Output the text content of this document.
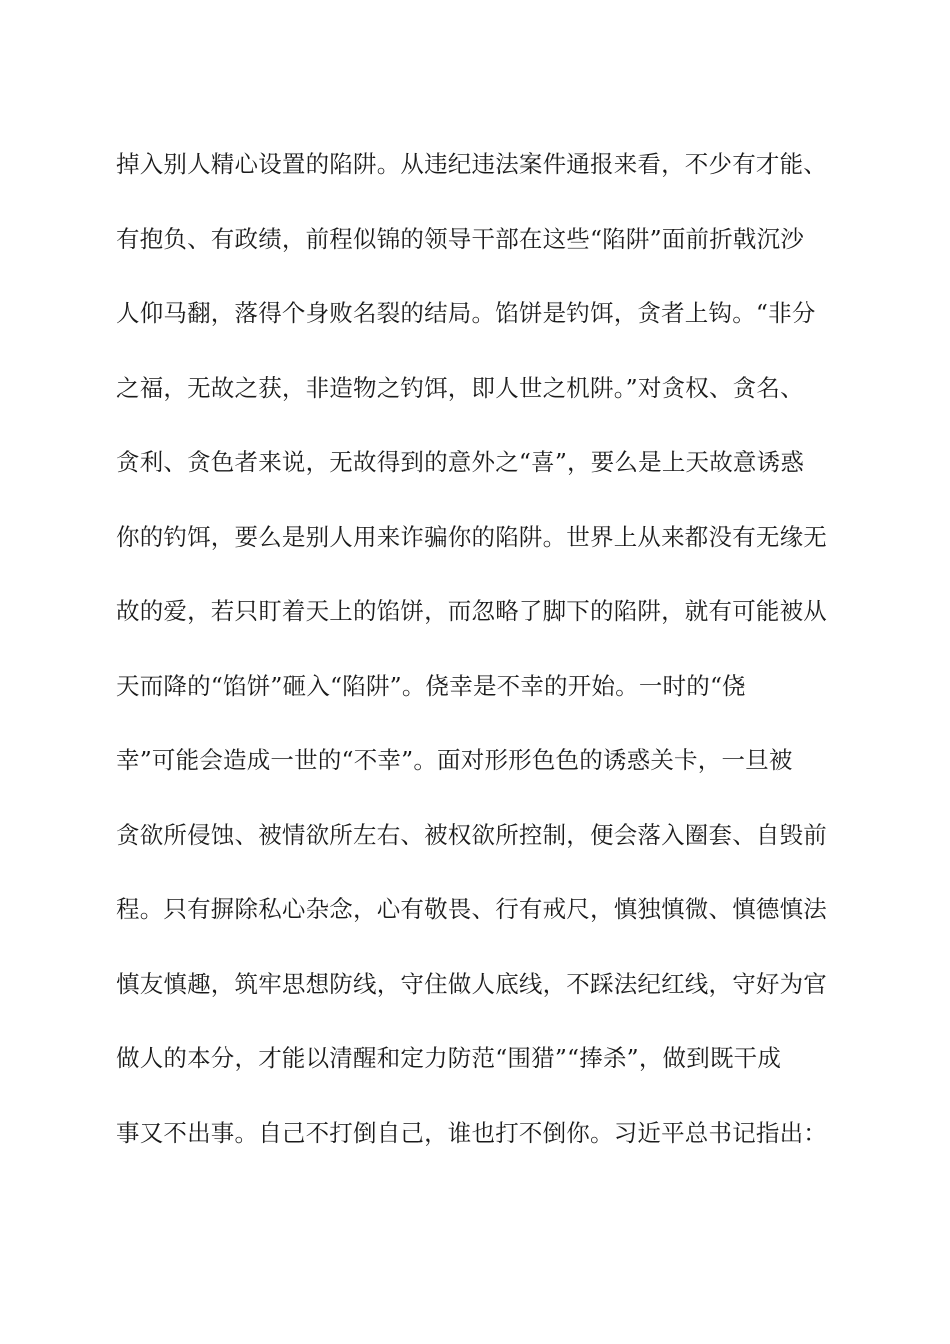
掉入别人精心设置的陷阱。从违纪违法案件通报来看，不少有才能、
有抱负、有政绩，前程似锦的领导干部在这些“陷阱”面前折戟沉沙
人仰马翻，落得个身败名裂的结局。馅饼是钓饵，贪者上钩。“非分
之福，无故之获，非造物之钓饵，即人世之机阱。”对贪权、贪名、
贪利、贪色者来说，无故得到的意外之“喜”，要么是上天故意诱惑
你的钓饵，要么是别人用来诈骗你的陷阱。世界上从来都没有无缘无
故的爱，若只盯着天上的馅饼，而忽略了脚下的陷阱，就有可能被从
天而降的“馅饼”砸入“陷阱”。侥幸是不幸的开始。一时的“侥
幸”可能会造成一世的“不幸”。面对形形色色的诱惑关卡，一旦被
贪欲所侵蚀、被情欲所左右、被权欲所控制，便会落入圈套、自毁前
程。只有摒除私心杂念，心有敬畏、行有戒尺，慎独慎微、慎德慎法
慎友慎趣，筑牢思想防线，守住做人底线，不踩法纪红线，守好为官
做人的本分，才能以清醒和定力防范“围猎”“捧杀”，做到既干成
事又不出事。自己不打倒自己，谁也打不倒你。习近平总书记指出：
